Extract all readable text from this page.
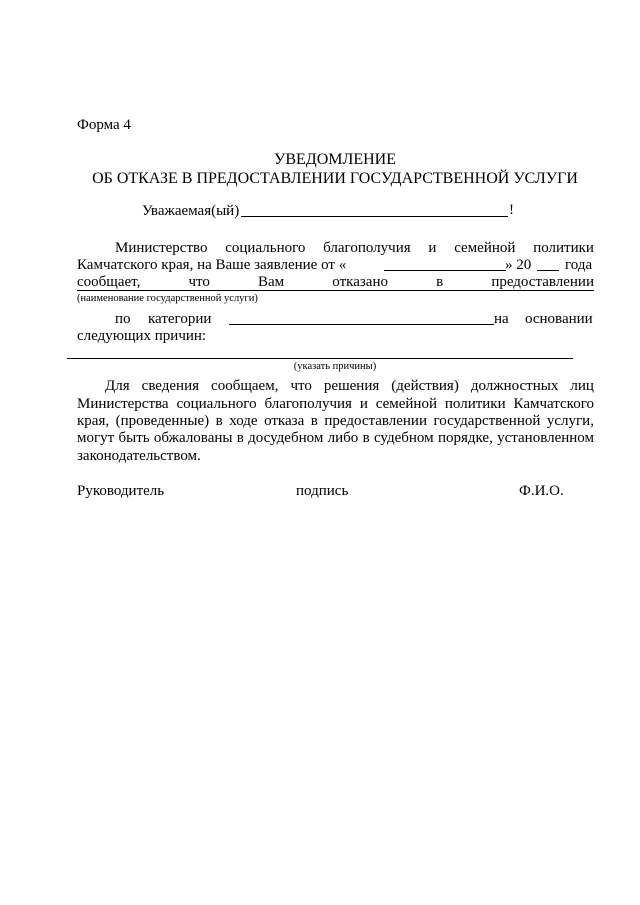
Форма 4
УВЕДОМЛЕНИЕ
ОБ ОТКАЗЕ В ПРЕДОСТАВЛЕНИИ ГОСУДАРСТВЕННОЙ УСЛУГИ
Уважаемая(ый)	!
Министерство социального благополучия и семейной политики
Камчатского края, на Ваше заявление от «	» 20 года
сообщает,	что	Вам	отказано	в	предоставлении
(наименование государственной услуги)
по категории	на основании
следующих причин:
(указать причины)
Для сведения сообщаем, что решения (действия) должностных лиц
Министерства социального благополучия и семейной политики Камчатского
края, (проведенные) в ходе отказа в предоставлении государственной услуги,
могут быть обжалованы в досудебном либо в судебном порядке, установленном
законодательством.
Руководитель	подпись	Ф.И.О.
